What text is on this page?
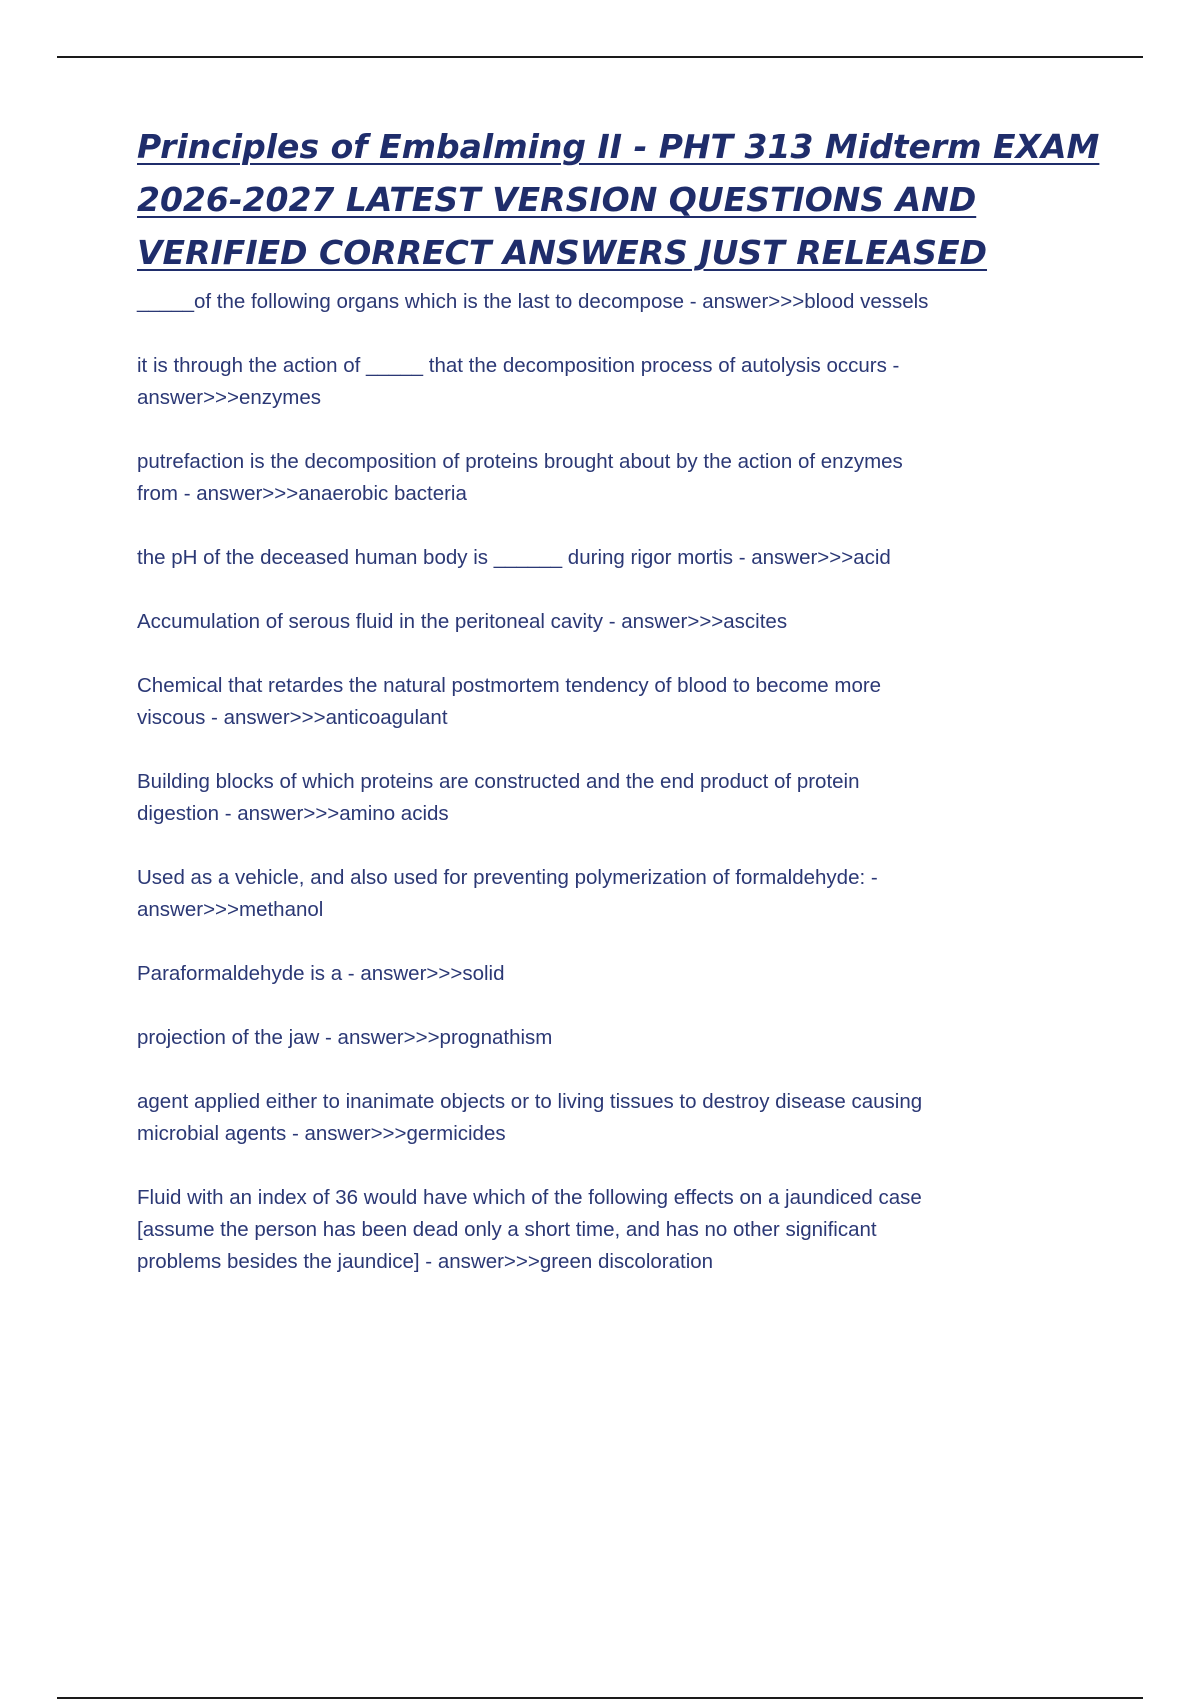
Principles of Embalming II - PHT 313 Midterm EXAM
2026-2027 LATEST VERSION QUESTIONS AND
VERIFIED CORRECT ANSWERS JUST RELEASED

_____of the following organs which is the last to decompose - answer>>>blood vessels

it is through the action of _____ that the decomposition process of autolysis occurs -
answer>>>enzymes

putrefaction is the decomposition of proteins brought about by the action of enzymes
from - answer>>>anaerobic bacteria

the pH of the deceased human body is ______ during rigor mortis - answer>>>acid

Accumulation of serous fluid in the peritoneal cavity - answer>>>ascites

Chemical that retardes the natural postmortem tendency of blood to become more
viscous - answer>>>anticoagulant

Building blocks of which proteins are constructed and the end product of protein
digestion - answer>>>amino acids

Used as a vehicle, and also used for preventing polymerization of formaldehyde: -
answer>>>methanol

Paraformaldehyde is a - answer>>>solid

projection of the jaw - answer>>>prognathism

agent applied either to inanimate objects or to living tissues to destroy disease causing
microbial agents - answer>>>germicides

Fluid with an index of 36 would have which of the following effects on a jaundiced case
[assume the person has been dead only a short time, and has no other significant
problems besides the jaundice] - answer>>>green discoloration
